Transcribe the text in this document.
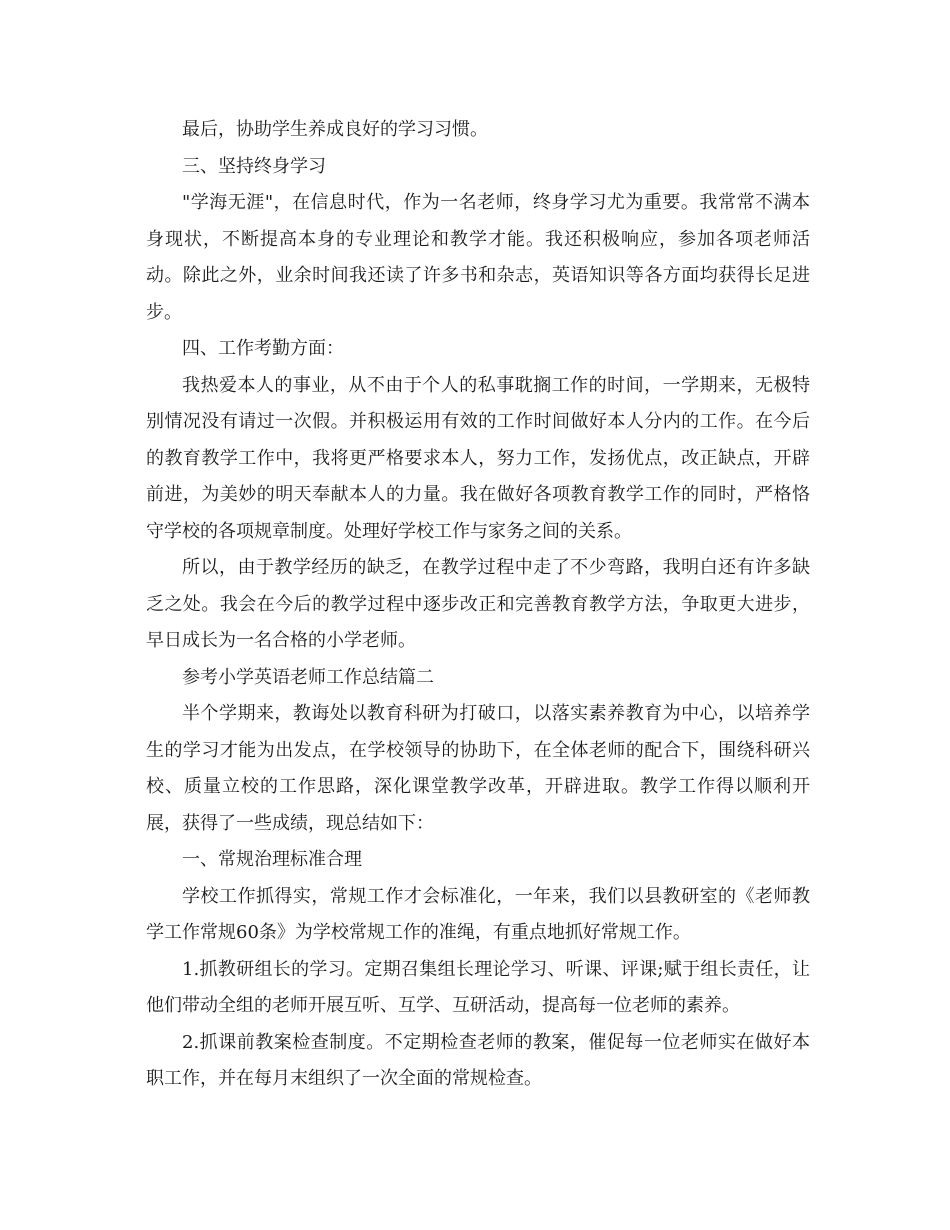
最后，协助学生养成良好的学习习惯。

三、坚持终身学习

"学海无涯"，在信息时代，作为一名老师，终身学习尤为重要。我常常不满本身现状，不断提高本身的专业理论和教学才能。我还积极响应，参加各项老师活动。除此之外，业余时间我还读了许多书和杂志，英语知识等各方面均获得长足进步。

四、工作考勤方面：

我热爱本人的事业，从不由于个人的私事耽搁工作的时间，一学期来，无极特别情况没有请过一次假。并积极运用有效的工作时间做好本人分内的工作。在今后的教育教学工作中，我将更严格要求本人，努力工作，发扬优点，改正缺点，开辟前进，为美妙的明天奉献本人的力量。我在做好各项教育教学工作的同时，严格恪守学校的各项规章制度。处理好学校工作与家务之间的关系。

所以，由于教学经历的缺乏，在教学过程中走了不少弯路，我明白还有许多缺乏之处。我会在今后的教学过程中逐步改正和完善教育教学方法，争取更大进步，早日成长为一名合格的小学老师。

参考小学英语老师工作总结篇二

半个学期来，教诲处以教育科研为打破口，以落实素养教育为中心，以培养学生的学习才能为出发点，在学校领导的协助下，在全体老师的配合下，围绕科研兴校、质量立校的工作思路，深化课堂教学改革，开辟进取。教学工作得以顺利开展，获得了一些成绩，现总结如下：

一、常规治理标准合理

学校工作抓得实，常规工作才会标准化，一年来，我们以县教研室的《老师教学工作常规60条》为学校常规工作的准绳，有重点地抓好常规工作。

1.抓教研组长的学习。定期召集组长理论学习、听课、评课;赋于组长责任，让他们带动全组的老师开展互听、互学、互研活动，提高每一位老师的素养。

2.抓课前教案检查制度。不定期检查老师的教案，催促每一位老师实在做好本职工作，并在每月末组织了一次全面的常规检查。
